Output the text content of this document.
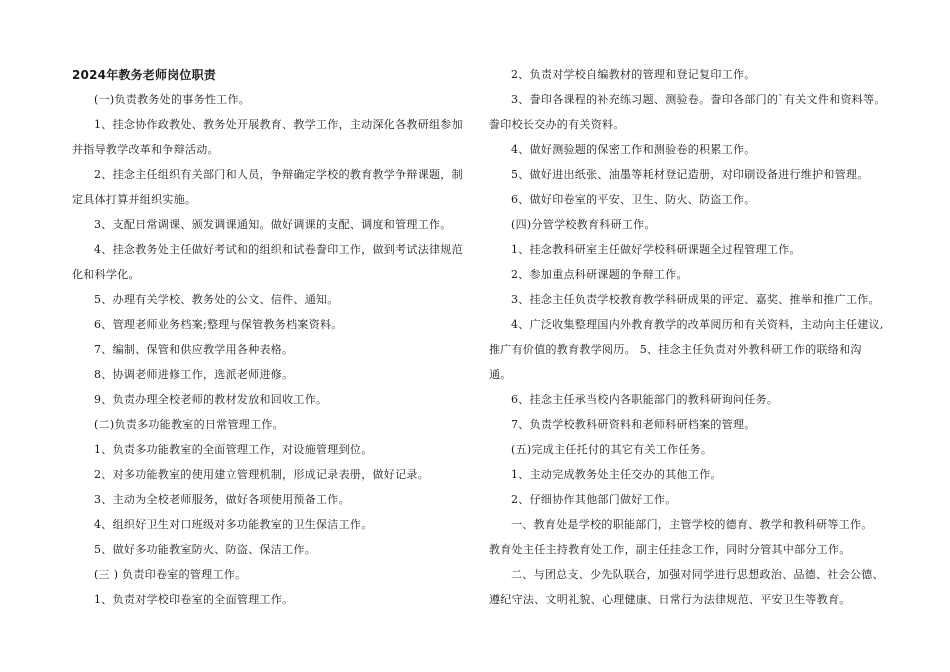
2024年教务老师岗位职责
(一)负责教务处的事务性工作。
1、挂念协作政教处、教务处开展教育、教学工作，主动深化各教研组参加
并指导教学改革和争辩活动。
2、挂念主任组织有关部门和人员，争辩确定学校的教育教学争辩课题，制
定具体打算并组织实施。
3、支配日常调课、颁发调课通知。做好调课的支配、调度和管理工作。
4、挂念教务处主任做好考试和的组织和试卷誊印工作，做到考试法律规范
化和科学化。
5、办理有关学校、教务处的公文、信件、通知。
6、管理老师业务档案;整理与保管教务档案资料。
7、编制、保管和供应教学用各种表格。
8、协调老师进修工作，选派老师进修。
9、负责办理全校老师的教材发放和回收工作。
(二)负责多功能教室的日常管理工作。
1、负责多功能教室的全面管理工作，对设施管理到位。
2、对多功能教室的使用建立管理机制，形成记录表册，做好记录。
3、主动为全校老师服务，做好各项使用预备工作。
4、组织好卫生对口班级对多功能教室的卫生保洁工作。
5、做好多功能教室防火、防盗、保洁工作。
(三 ) 负责印卷室的管理工作。
1、负责对学校印卷室的全面管理工作。
2、负责对学校自编教材的管理和登记复印工作。
3、誊印各课程的补充练习题、测验卷。誊印各部门的`有关文件和资料等。
誊印校长交办的有关资料。
4、做好测验题的保密工作和测验卷的积累工作。
5、做好进出纸张、油墨等耗材登记造册，对印刷设备进行维护和管理。
6、做好印卷室的平安、卫生、防火、防盗工作。
(四)分管学校教育科研工作。
1、挂念教科研室主任做好学校科研课题全过程管理工作。
2、参加重点科研课题的争辩工作。
3、挂念主任负责学校教育教学科研成果的评定、嘉奖、推举和推广工作。
4、广泛收集整理国内外教育教学的改革阅历和有关资料，主动向主任建议,
推广有价值的教育教学阅历。 5、挂念主任负责对外教科研工作的联络和沟
通。
6、挂念主任承当校内各职能部门的教科研询问任务。
7、负责学校教科研资料和老师科研档案的管理。
(五)完成主任托付的其它有关工作任务。
1、主动完成教务处主任交办的其他工作。
2、仔细协作其他部门做好工作。
一、教育处是学校的职能部门，主管学校的德育、教学和教科研等工作。
教育处主任主持教育处工作，副主任挂念工作，同时分管其中部分工作。
二、与团总支、少先队联合，加强对同学进行思想政治、品德、社会公德、
遵纪守法、文明礼貌、心理健康、日常行为法律规范、平安卫生等教育。
